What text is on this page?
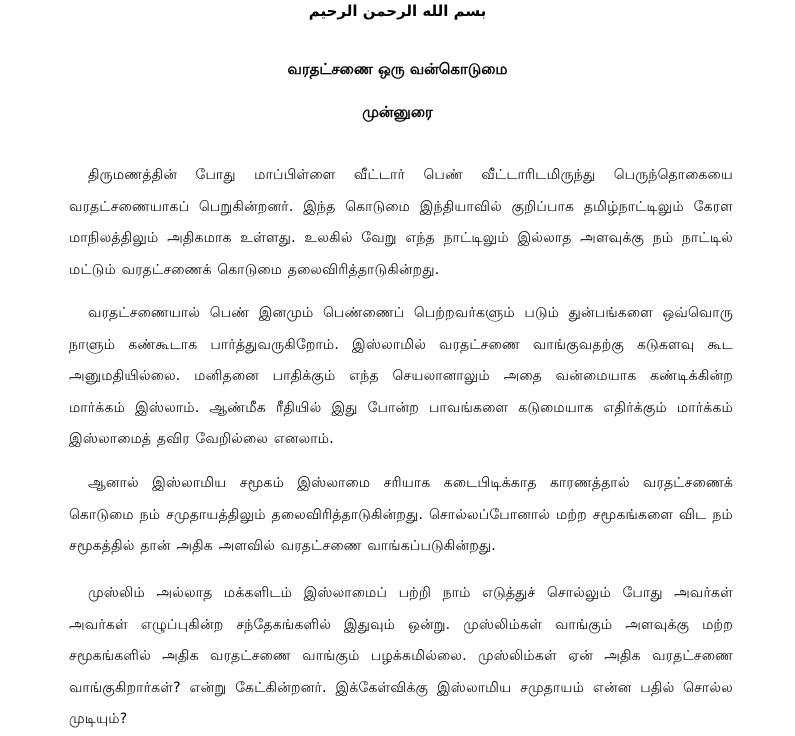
بسم الله الرحمن الرحيم
வரதட்சணை ஒரு வன்கொடுமை
முன்னுரை

திருமணத்தின் போது மாப்பிள்ளை வீட்டார் பெண் வீட்டாரிடமிருந்து பெருந்தொகையை வரதட்சணையாகப் பெறுகின்றனர். இந்த கொடுமை இந்தியாவில் குறிப்பாக தமிழ்நாட்டிலும் கேரள மாநிலத்திலும் அதிகமாக உள்ளது. உலகில் வேறு எந்த நாட்டிலும் இல்லாத அளவுக்கு நம் நாட்டில் மட்டும் வரதட்சணைக் கொடுமை தலைவிரித்தாடுகின்றது.

வரதட்சணையால் பெண் இனமும் பெண்ணைப் பெற்றவர்களும் படும் துன்பங்களை ஒவ்வொரு நாளும் கண்கூடாக பார்த்துவருகிறோம். இஸ்லாமில் வரதட்சணை வாங்குவதற்கு கடுகளவு கூட அனுமதியில்லை. மனிதனை பாதிக்கும் எந்த செயலானாலும் அதை வன்மையாக கண்டிக்கின்ற மார்க்கம் இஸ்லாம். ஆண்மீக ரீதியில் இது போன்ற பாவங்களை கடுமையாக எதிர்க்கும் மார்க்கம் இஸ்லாமைத் தவிர வேறில்லை எனலாம்.

ஆனால் இஸ்லாமிய சமூகம் இஸ்லாமை சரியாக கடைபிடிக்காத காரணத்தால் வரதட்சணைக் கொடுமை நம் சமுதாயத்திலும் தலைவிரித்தாடுகின்றது. சொல்லப்போனால் மற்ற சமூகங்களை விட நம் சமூகத்தில் தான் அதிக அளவில் வரதட்சணை வாங்கப்படுகின்றது.

முஸ்லிம் அல்லாத மக்களிடம் இஸ்லாமைப் பற்றி நாம் எடுத்துச் சொல்லும் போது அவர்கள் அவர்கள் எழுப்புகின்ற சந்தேகங்களில் இதுவும் ஒன்று. முஸ்லிம்கள் வாங்கும் அளவுக்கு மற்ற சமூகங்களில் அதிக வரதட்சணை வாங்கும் பழக்கமில்லை. முஸ்லிம்கள் ஏன் அதிக வரதட்சணை வாங்குகிறார்கள்? என்று கேட்கின்றனர். இக்கேள்விக்கு இஸ்லாமிய சமுதாயம் என்ன பதில் சொல்ல முடியும்?
